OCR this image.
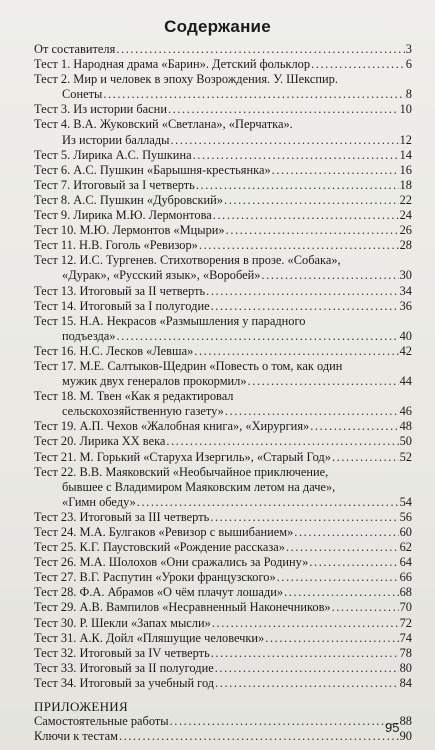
Содержание
От составителя .....	3
Тест 1. Народная драма «Барин». Детский фольклор .....	6
Тест 2. Мир и человек в эпоху Возрождения. У. Шекспир.
Сонеты .....	8
Тест 3. Из истории басни .....	10
Тест 4. В.А. Жуковский «Светлана», «Перчатка».
Из истории баллады .....	12
Тест 5. Лирика А.С. Пушкина .....	14
Тест 6. А.С. Пушкин «Барышня-крестьянка» .....	16
Тест 7. Итоговый за I четверть .....	18
Тест 8. А.С. Пушкин «Дубровский» .....	22
Тест 9. Лирика М.Ю. Лермонтова .....	24
Тест 10. М.Ю. Лермонтов «Мцыри» .....	26
Тест 11. Н.В. Гоголь «Ревизор» .....	28
Тест 12. И.С. Тургенев. Стихотворения в прозе. «Собака»,
«Дурак», «Русский язык», «Воробей» .....	30
Тест 13. Итоговый за II четверть .....	34
Тест 14. Итоговый за I полугодие .....	36
Тест 15. Н.А. Некрасов «Размышления у парадного
подъезда» .....	40
Тест 16. Н.С. Лесков «Левша» .....	42
Тест 17. М.Е. Салтыков-Щедрин «Повесть о том, как один
мужик двух генералов прокормил» .....	44
Тест 18. М. Твен «Как я редактировал
сельскохозяйственную газету» .....	46
Тест 19. А.П. Чехов «Жалобная книга», «Хирургия» .....	48
Тест 20. Лирика XX века .....	50
Тест 21. М. Горький «Старуха Изергиль», «Старый Год» .....	52
Тест 22. В.В. Маяковский «Необычайное приключение,
бывшее с Владимиром Маяковским летом на даче»,
«Гимн обеду» .....	54
Тест 23. Итоговый за III четверть .....	56
Тест 24. М.А. Булгаков «Ревизор с вышибанием» .....	60
Тест 25. К.Г. Паустовский «Рождение рассказа» .....	62
Тест 26. М.А. Шолохов «Они сражались за Родину» .....	64
Тест 27. В.Г. Распутин «Уроки французского» .....	66
Тест 28. Ф.А. Абрамов «О чём плачут лошади» .....	68
Тест 29. А.В. Вампилов «Несравненный Наконечников» .....	70
Тест 30. Р. Шекли «Запах мысли» .....	72
Тест 31. А.К. Дойл «Пляшущие человечки» .....	74
Тест 32. Итоговый за IV четверть .....	78
Тест 33. Итоговый за II полугодие .....	80
Тест 34. Итоговый за учебный год .....	84
ПРИЛОЖЕНИЯ
Самостоятельные работы .....	88
Ключи к тестам .....	90
95
